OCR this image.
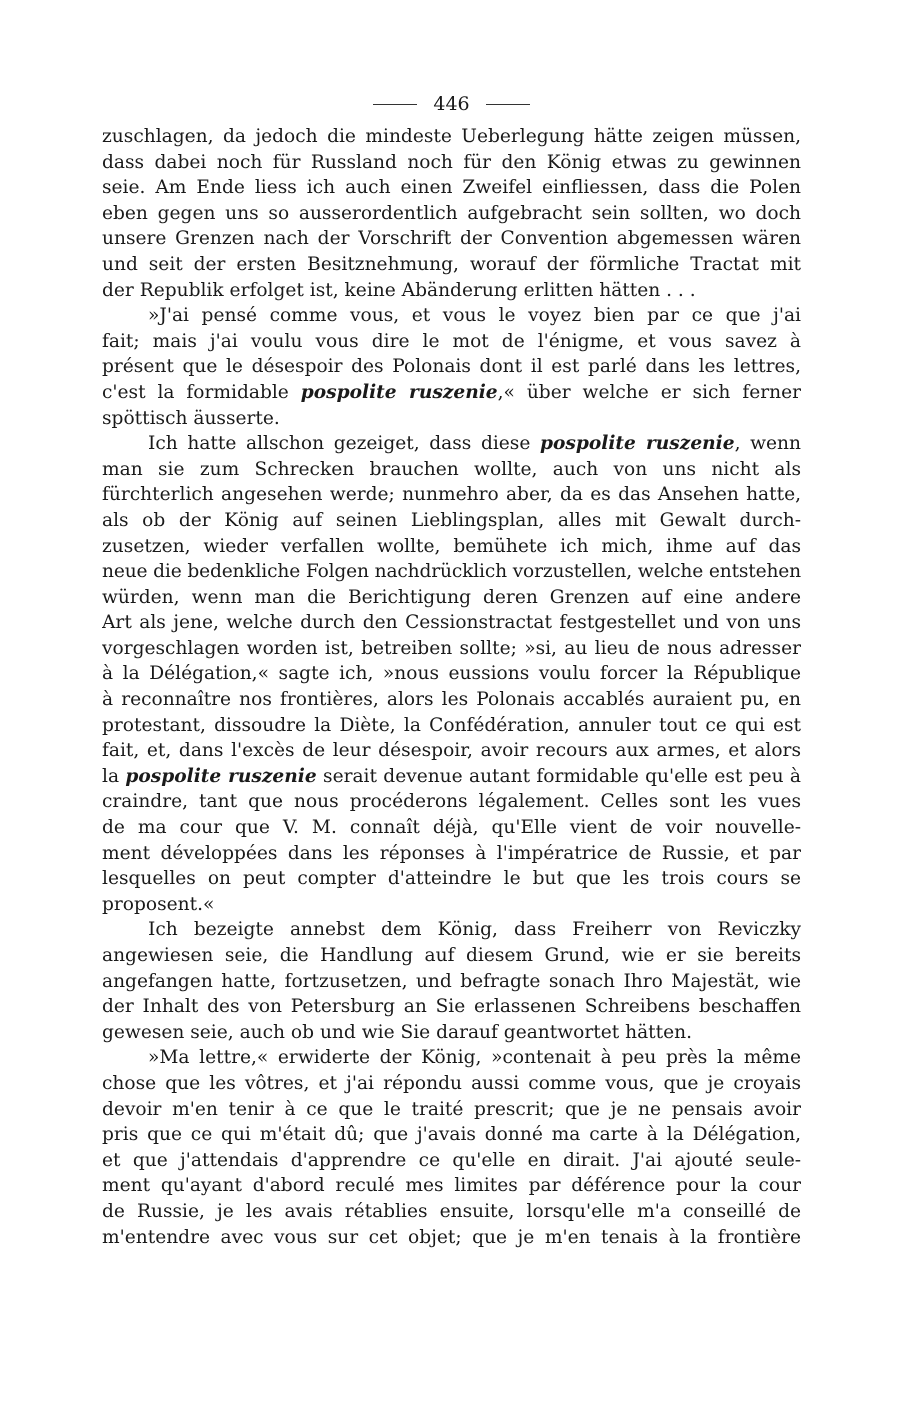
446
zuschlagen, da jedoch die mindeste Ueberlegung hätte zeigen müssen,
dass dabei noch für Russland noch für den König etwas zu gewinnen
seie. Am Ende liess ich auch einen Zweifel einfliessen, dass die Polen
eben gegen uns so ausserordentlich aufgebracht sein sollten, wo doch
unsere Grenzen nach der Vorschrift der Convention abgemessen wären
und seit der ersten Besitznehmung, worauf der förmliche Tractat mit
der Republik erfolget ist, keine Abänderung erlitten hätten . . .
»J'ai pensé comme vous, et vous le voyez bien par ce que j'ai
fait; mais j'ai voulu vous dire le mot de l'énigme, et vous savez à
présent que le désespoir des Polonais dont il est parlé dans les lettres,
c'est la formidable pospolite ruszenie,« über welche er sich ferner
spöttisch äusserte.
Ich hatte allschon gezeiget, dass diese pospolite ruszenie, wenn
man sie zum Schrecken brauchen wollte, auch von uns nicht als
fürchterlich angesehen werde; nunmehro aber, da es das Ansehen hatte,
als ob der König auf seinen Lieblingsplan, alles mit Gewalt durch-
zusetzen, wieder verfallen wollte, bemühete ich mich, ihme auf das
neue die bedenkliche Folgen nachdrücklich vorzustellen, welche entstehen
würden, wenn man die Berichtigung deren Grenzen auf eine andere
Art als jene, welche durch den Cessionstractat festgestellet und von uns
vorgeschlagen worden ist, betreiben sollte; »si, au lieu de nous adresser
à la Délégation,« sagte ich, »nous eussions voulu forcer la République
à reconnaître nos frontières, alors les Polonais accablés auraient pu, en
protestant, dissoudre la Diète, la Confédération, annuler tout ce qui est
fait, et, dans l'excès de leur désespoir, avoir recours aux armes, et alors
la pospolite ruszenie serait devenue autant formidable qu'elle est peu à
craindre, tant que nous procéderons légalement. Celles sont les vues
de ma cour que V. M. connaît déjà, qu'Elle vient de voir nouvelle-
ment développées dans les réponses à l'impératrice de Russie, et par
lesquelles on peut compter d'atteindre le but que les trois cours se
proposent.«
Ich bezeigte annebst dem König, dass Freiherr von Reviczky
angewiesen seie, die Handlung auf diesem Grund, wie er sie bereits
angefangen hatte, fortzusetzen, und befragte sonach Ihro Majestät, wie
der Inhalt des von Petersburg an Sie erlassenen Schreibens beschaffen
gewesen seie, auch ob und wie Sie darauf geantwortet hätten.
»Ma lettre,« erwiderte der König, »contenait à peu près la même
chose que les vôtres, et j'ai répondu aussi comme vous, que je croyais
devoir m'en tenir à ce que le traité prescrit; que je ne pensais avoir
pris que ce qui m'était dû; que j'avais donné ma carte à la Délégation,
et que j'attendais d'apprendre ce qu'elle en dirait. J'ai ajouté seule-
ment qu'ayant d'abord reculé mes limites par déférence pour la cour
de Russie, je les avais rétablies ensuite, lorsqu'elle m'a conseillé de
m'entendre avec vous sur cet objet; que je m'en tenais à la frontière
